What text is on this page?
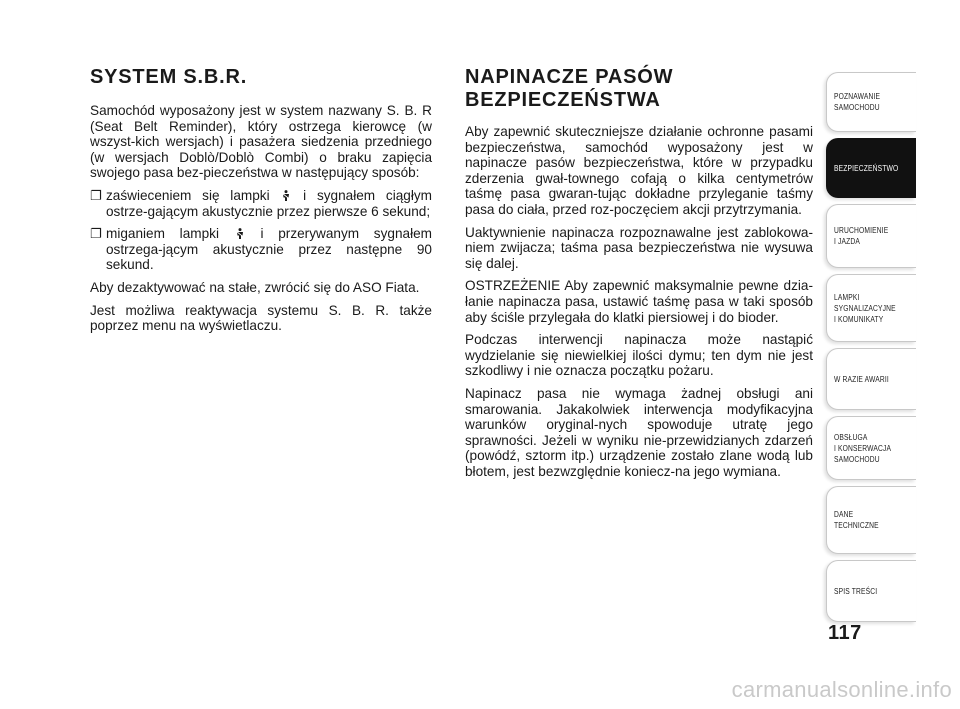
SYSTEM S.B.R.

Samochód wyposażony jest w system nazwany S. B. R (Seat Belt Reminder), który ostrzega kierowcę (w wszyst-kich wersjach) i pasażera siedzenia przedniego (w wersjach Doblò/Doblò Combi) o braku zapięcia swojego pasa bez-pieczeństwa w następujący sposób:

❐ zaświeceniem się lampki i sygnałem ciągłym ostrze-gającym akustycznie przez pierwsze 6 sekund;
❐ miganiem lampki	i przerywanym sygnałem ostrzega-jącym akustycznie przez następne 90 sekund.

Aby dezaktywować na stałe, zwrócić się do ASO Fiata.

Jest możliwa reaktywacja systemu S. B. R. także poprzez menu na wyświetlaczu.

NAPINACZE PASÓW
BEZPIECZEŃSTWA

Aby zapewnić skuteczniejsze działanie ochronne pasami bezpieczeństwa, samochód wyposażony jest w napinacze pasów bezpieczeństwa, które w przypadku zderzenia gwał-townego cofają o kilka centymetrów taśmę pasa gwaran-tując dokładne przyleganie taśmy pasa do ciała, przed roz-poczęciem akcji przytrzymania.

Uaktywnienie napinacza rozpoznawalne jest zablokowa-niem zwijacza; taśma pasa bezpieczeństwa nie wysuwa się dalej.

OSTRZEŻENIE Aby zapewnić maksymalnie pewne dzia-łanie napinacza pasa, ustawić taśmę pasa w taki sposób aby ściśle przylegała do klatki piersiowej i do bioder.

Podczas interwencji napinacza może nastąpić wydzielanie się niewielkiej ilości dymu; ten dym nie jest szkodliwy i nie oznacza początku pożaru.

Napinacz pasa nie wymaga żadnej obsługi ani smarowania. Jakakolwiek interwencja modyfikacyjna warunków oryginal-nych spowoduje utratę jego sprawności. Jeżeli w wyniku nie-przewidzianych zdarzeń (powódź, sztorm itp.) urządzenie zostało zlane wodą lub błotem, jest bezwzględnie koniecz-na jego wymiana.

POZNAWANIE
SAMOCHODU
BEZPIECZEŃSTWO
URUCHOMIENIE
I JAZDA
LAMPKI
SYGNALIZACYJNE
I KOMUNIKATY
W RAZIE AWARII
OBSŁUGA
I KONSERWACJA
SAMOCHODU
DANE
TECHNICZNE
SPIS TREŚCI
117
carmanualsonline.info
